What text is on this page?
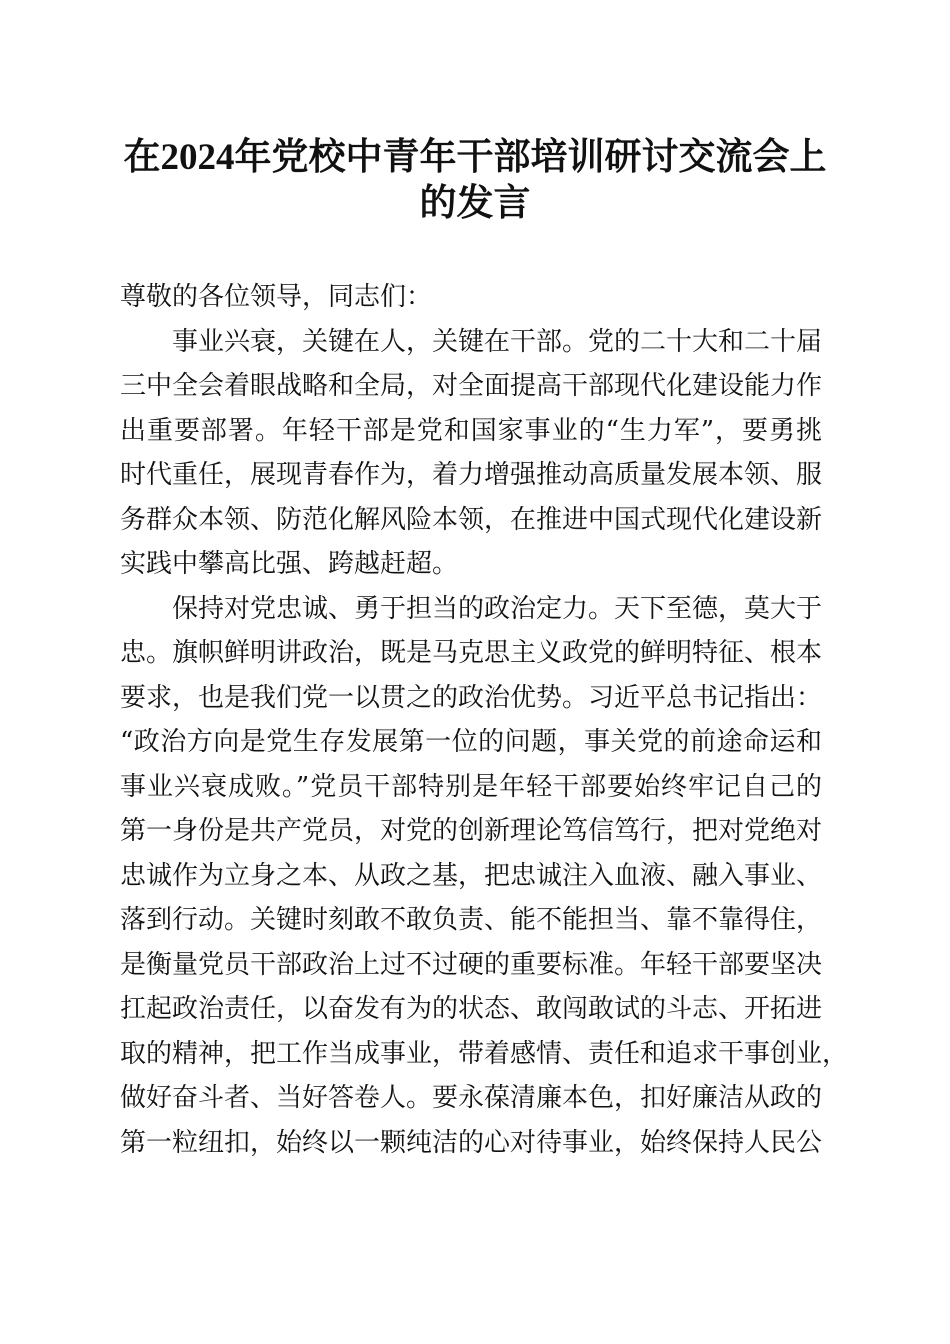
在2024年党校中青年干部培训研讨交流会上
的发言
尊敬的各位领导，同志们：
事业兴衰，关键在人，关键在干部。党的二十大和二十届
三中全会着眼战略和全局，对全面提高干部现代化建设能力作
出重要部署。年轻干部是党和国家事业的“生力军”，要勇挑
时代重任，展现青春作为，着力增强推动高质量发展本领、服
务群众本领、防范化解风险本领，在推进中国式现代化建设新
实践中攀高比强、跨越赶超。
保持对党忠诚、勇于担当的政治定力。天下至德，莫大于
忠。旗帜鲜明讲政治，既是马克思主义政党的鲜明特征、根本
要求，也是我们党一以贯之的政治优势。习近平总书记指出：
“政治方向是党生存发展第一位的问题，事关党的前途命运和
事业兴衰成败。”党员干部特别是年轻干部要始终牢记自己的
第一身份是共产党员，对党的创新理论笃信笃行，把对党绝对
忠诚作为立身之本、从政之基，把忠诚注入血液、融入事业、
落到行动。关键时刻敢不敢负责、能不能担当、靠不靠得住，
是衡量党员干部政治上过不过硬的重要标准。年轻干部要坚决
扛起政治责任，以奋发有为的状态、敢闯敢试的斗志、开拓进
取的精神，把工作当成事业，带着感情、责任和追求干事创业，
做好奋斗者、当好答卷人。要永葆清廉本色，扣好廉洁从政的
第一粒纽扣，始终以一颗纯洁的心对待事业，始终保持人民公
